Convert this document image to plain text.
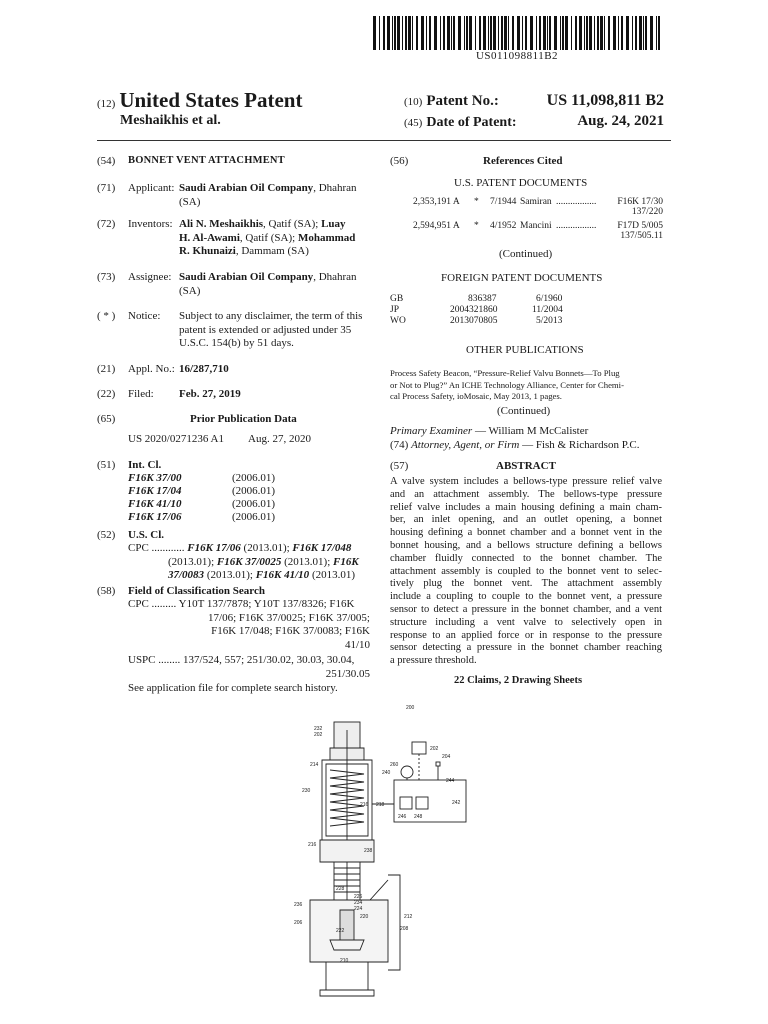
US011098811B2
(12) United States Patent
Meshaikhis et al.
(10) Patent No.:	US 11,098,811 B2
(45) Date of Patent:	Aug. 24, 2021
(54) BONNET VENT ATTACHMENT
(71) Applicant: Saudi Arabian Oil Company, Dhahran
(SA)
(72) Inventors: Ali N. Meshaikhis, Qatif (SA); Luay
H. Al-Awami, Qatif (SA); Mohammad
R. Khunaizi, Dammam (SA)
(73) Assignee: Saudi Arabian Oil Company, Dhahran
(SA)
( * ) Notice: Subject to any disclaimer, the term of this
patent is extended or adjusted under 35
U.S.C. 154(b) by 51 days.
(21) Appl. No.: 16/287,710
(22) Filed: Feb. 27, 2019
(65)	Prior Publication Data
US 2020/0271236 A1 Aug. 27, 2020
(51) Int. Cl.
F16K 37/00	(2006.01)
F16K 17/04	(2006.01)
F16K 41/10	(2006.01)
F16K 17/06	(2006.01)
(52) U.S. Cl.
CPC ............ F16K 17/06 (2013.01); F16K 17/048
(2013.01); F16K 37/0025 (2013.01); F16K
37/0083 (2013.01); F16K 41/10 (2013.01)
(58) Field of Classification Search
CPC ......... Y10T 137/7878; Y10T 137/8326; F16K
17/06; F16K 37/0025; F16K 37/005;
F16K 17/048; F16K 37/0083; F16K
41/10
USPC ........ 137/524, 557; 251/30.02, 30.03, 30.04,
251/30.05
See application file for complete search history.
(56)	References Cited
U.S. PATENT DOCUMENTS
2,353,191 A * 7/1944 Samiran ................. F16K 17/30
137/220
2,594,951 A * 4/1952 Mancini ................. F17D 5/005
137/505.11
(Continued)
FOREIGN PATENT DOCUMENTS
GB	836387	6/1960
JP	2004321860	11/2004
WO	2013070805	5/2013
OTHER PUBLICATIONS
Process Safety Beacon, “Pressure-Relief Valvu Bonnets—To Plug
or Not to Plug?” An ICHE Technology Alliance, Center for Chemi-
cal Process Safety, ioMosaic, May 2013, 1 pages.
(Continued)
Primary Examiner — William M McCalister
(74) Attorney, Agent, or Firm — Fish & Richardson P.C.
(57)	ABSTRACT
A valve system includes a bellows-type pressure relief valve
and an attachment assembly. The bellows-type pressure
relief valve includes a main housing defining a main cham-
ber, an inlet opening, and an outlet opening, a bonnet
housing defining a bonnet chamber and a bonnet vent in the
bonnet housing, and a bellows structure defining a bellows
chamber fluidly connected to the bonnet chamber. The
attachment assembly is coupled to the bonnet vent to selec-
tively plug the bonnet vent. The attachment assembly
include a coupling to couple to the bonnet vent, a pressure
sensor to detect a pressure in the bonnet chamber, and a vent
structure including a vent valve to selectively open in
response to an applied force or in response to the pressure
sensor detecting a pressure in the bonnet chamber reaching
a pressure threshold.
22 Claims, 2 Drawing Sheets
200
232
202
214
230
216 218
240
260
202
204
244
242
246 248
216
238
228
226
234
224
236
220
206
222
212
208
210
